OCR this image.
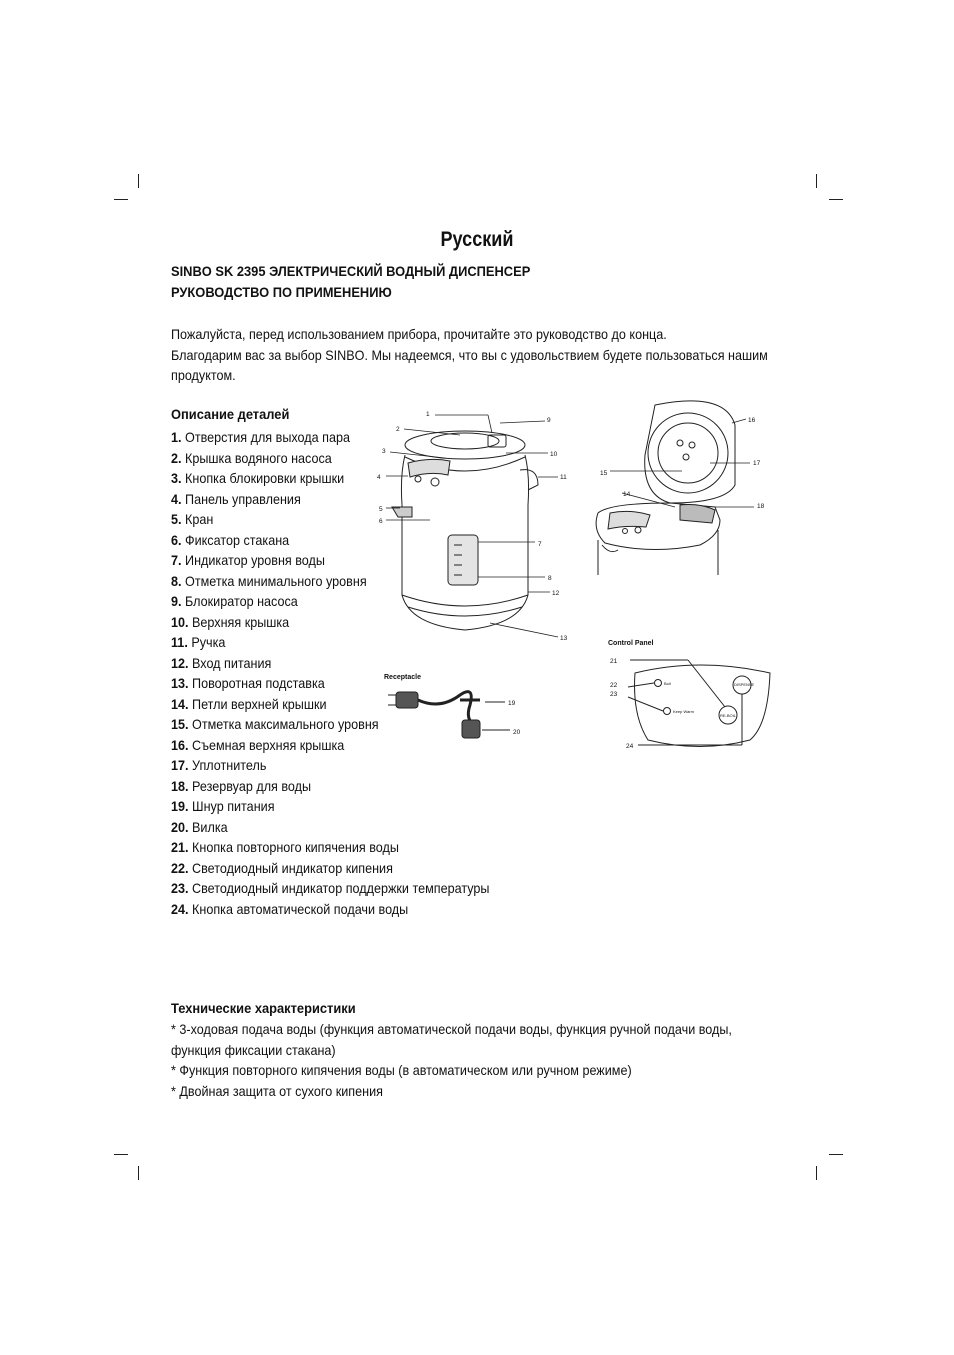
Русский
SINBO SK 2395 ЭЛЕКТРИЧЕСКИЙ ВОДНЫЙ ДИСПЕНСЕР
РУКОВОДСТВО ПО ПРИМЕНЕНИЮ
Пожалуйста, перед использованием прибора, прочитайте это руководство до конца.
Благодарим вас за выбор SINBO. Мы надеемся, что вы с удовольствием будете пользоваться нашим продуктом.
Описание деталей
1. Отверстия для выхода пара
2. Крышка водяного насоса
3. Кнопка блокировки крышки
4. Панель управления
5. Кран
6. Фиксатор стакана
7. Индикатор уровня воды
8. Отметка минимального уровня
9. Блокиратор насоса
10. Верхняя крышка
11. Ручка
12. Вход питания
13. Поворотная подставка
14. Петли верхней крышки
15. Отметка максимального уровня
16. Съемная верхняя крышка
17. Уплотнитель
18. Резервуар для воды
19. Шнур питания
20. Вилка
21. Кнопка повторного кипячения воды
22. Светодиодный индикатор кипения
23. Светодиодный индикатор поддержки температуры
24. Кнопка автоматической подачи воды
1
2
3
4
5
6
7
8
9
10
11
12
13
14
15
16
17
18
19
20
21
22
23
24
Receptacle
Control Panel
Boil
Keep Warm
DISPENSE
RE-BOIL
Технические характеристики
* 3-ходовая подача воды (функция автоматической подачи воды, функция ручной подачи воды, функция фиксации стакана)
* Функция повторного кипячения воды (в автоматическом или ручном режиме)
* Двойная защита от сухого кипения
